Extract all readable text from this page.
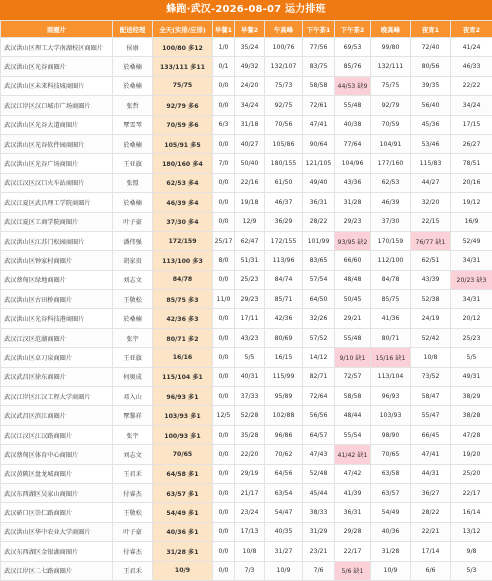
蜂跑·武汉-2026-08-07 运力排班
商圈片	配送经理	全天(实排/应排)	早餐1	早餐2	午高峰	下午茶1	下午茶2	晚高峰	夜宵1	夜宵2
武汉洪山区理工大学南湖校区商圈片	侯康	100/80 多12	1/0	35/24	100/76	77/56	69/53	99/80	72/40	41/24
武汉洪山区光谷商圈片	於桑楠	133/111 多11	0/1	49/32	132/107	83/75	85/76	132/111	80/56	46/33
武汉洪山区未来科技城商圈片	於桑楠	75/75	0/0	24/20	75/73	58/58	44/53 缺9	75/75	39/35	22/22
武汉江岸区汉口城市广场商圈片	张哲	92/79 多6	0/0	34/24	92/75	72/61	55/48	92/79	56/40	34/24
武汉洪山区光谷大道商圈片	覃雪琴	70/59 多6	6/3	31/18	70/56	47/41	40/38	70/59	45/36	17/15
武汉洪山区光谷软件园商圈片	於桑楠	105/91 多5	0/0	40/27	105/86	90/64	77/64	104/91	53/46	26/27
武汉洪山区光谷广场商圈片	王亚旗	180/160 多4	7/0	50/40	180/155	121/105	104/96	177/160	115/83	78/51
武汉江汉区汉口火车站商圈片	张盟	62/53 多4	0/0	22/16	61/50	49/40	43/36	62/53	44/27	20/16
武汉江夏区武昌理工学院商圈片	於桑楠	46/39 多4	0/0	19/18	46/37	36/31	31/28	46/39	32/20	19/12
武汉江夏区工商学院商圈片	叶子豪	37/30 多4	0/0	12/9	36/29	28/22	29/23	37/30	22/15	16/9
武汉洪山区江苏门松园商圈片	潘伟强	172/159	25/17	62/47	172/155	101/99	93/95 缺2	170/159	76/77 缺1	52/49
武汉洪山区钟家村商圈片	胡家贵	113/100 多3	8/0	51/31	113/96	83/65	66/60	112/100	62/51	34/31
武汉蔡甸区绿地商圈片	刘志文	84/78	0/0	25/23	84/74	57/54	48/48	84/78	43/39	20/23 缺3
武汉洪山区古田桥商圈片	王敬松	85/75 多3	11/0	29/23	85/71	64/50	50/45	85/75	52/38	34/31
武汉洪山区光谷科技港商圈片	於桑楠	42/36 多3	0/0	17/11	42/36	32/26	29/21	41/36	24/19	20/12
武汉江汉区范湖商圈片	张宇	80/71 多2	0/0	43/23	80/69	57/52	55/48	80/71	52/42	25/23
武汉洪山区卓刀泉商圈片	王亚旗	16/16	0/0	5/5	16/15	14/12	9/10 缺1	15/16 缺1	10/8	5/5
武汉武昌区徐东商圈片	何奥成	115/104 多1	0/0	40/31	115/99	82/71	72/57	113/104	73/52	49/31
武汉江岸区江汉工程大学商圈片	邓入山	96/93 多1	0/0	37/33	95/89	72/64	58/58	96/93	58/47	38/29
武汉武昌区滨江商圈片	覃黎祥	103/93 多1	12/5	52/28	102/88	56/56	48/44	103/93	55/47	38/28
武汉江汉区江汉路商圈片	张宇	100/93 多1	0/0	35/28	96/86	64/57	55/54	98/90	66/45	47/28
武汉蔡甸区体育中心商圈片	刘志文	70/65	0/0	22/20	70/62	47/43	41/42 缺1	70/65	47/41	19/20
武汉黄陂区盘龙城商圈片	王君禾	64/58 多1	0/0	29/19	64/56	52/48	47/42	63/58	44/31	25/20
武汉东西湖区吴家山商圈片	付睿杰	63/57 多1	0/0	21/17	63/54	45/44	41/39	63/57	36/27	22/17
武汉硚口区崇仁路商圈片	王敬松	54/49 多1	0/0	23/24	54/47	38/33	36/31	54/49	28/22	16/14
武汉洪山区华中农业大学商圈片	叶子豪	40/36 多1	0/0	17/13	40/35	31/29	29/28	40/36	22/21	13/12
武汉东西湖区金银湖商圈片	付睿杰	31/28 多1	0/0	10/8	31/27	23/21	22/17	31/28	17/14	9/8
武汉江岸区二七路商圈片	王君禾	10/9	0/0	7/3	10/9	7/6	5/6 缺1	10/9	6/6	5/3
